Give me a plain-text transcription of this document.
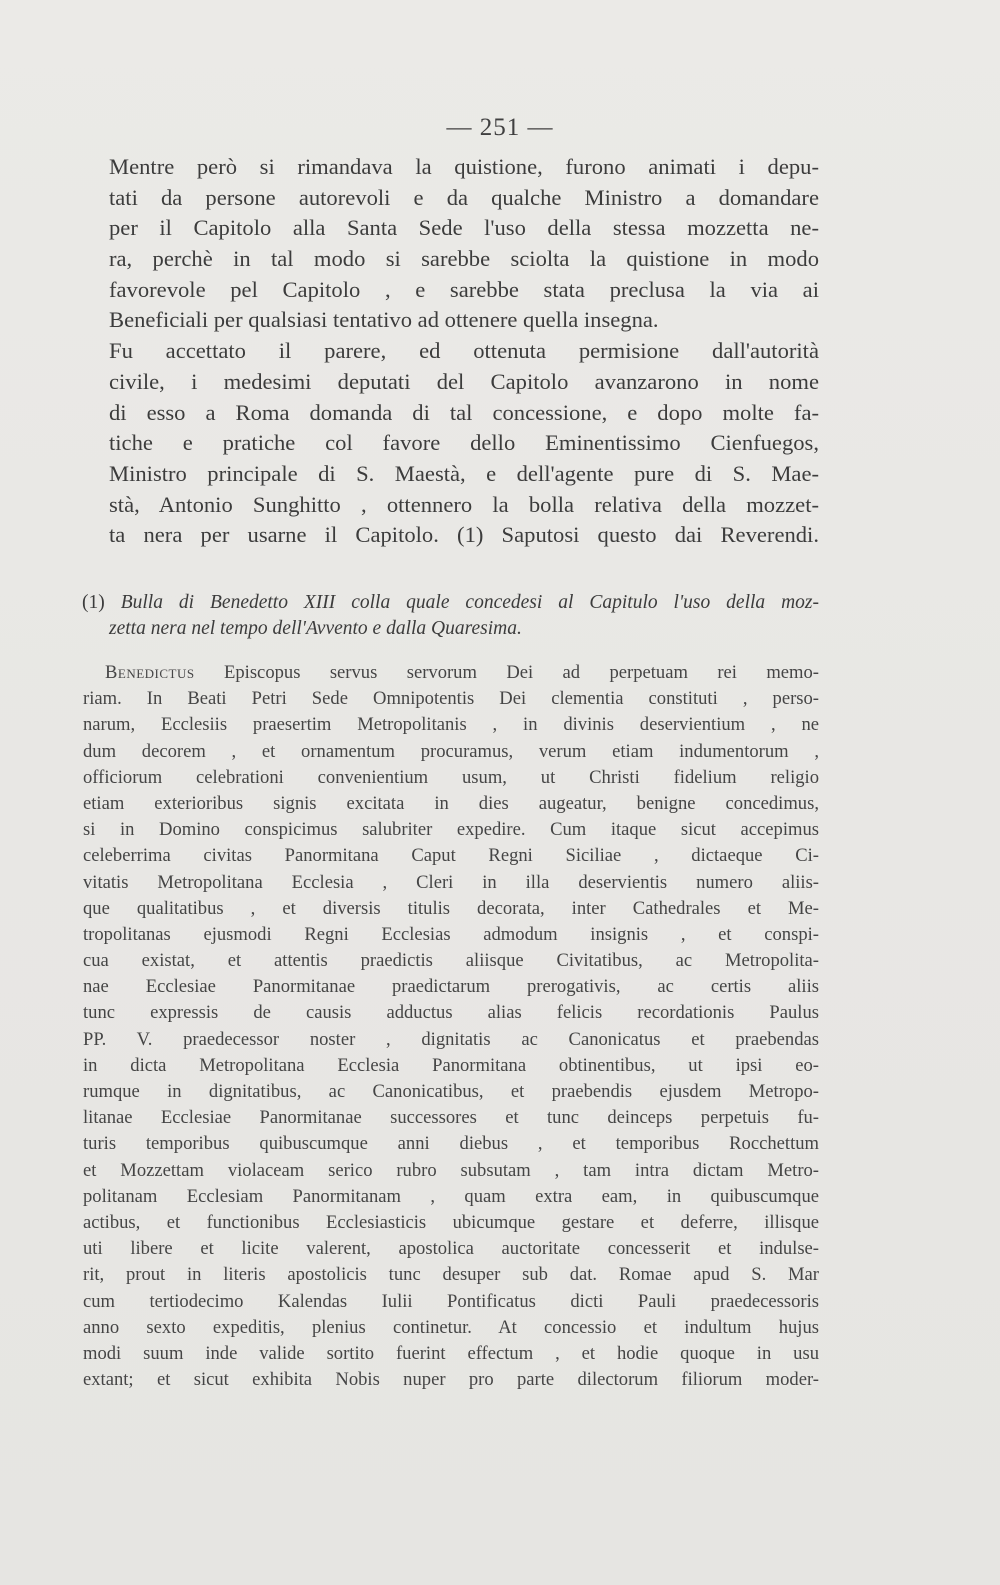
— 251 —
Mentre però si rimandava la quistione, furono animati i depu-
tati da persone autorevoli e da qualche Ministro a domandare
per il Capitolo alla Santa Sede l'uso della stessa mozzetta ne-
ra, perchè in tal modo si sarebbe sciolta la quistione in modo
favorevole pel Capitolo , e sarebbe stata preclusa la via ai
Beneficiali per qualsiasi tentativo ad ottenere quella insegna.
Fu accettato il parere, ed ottenuta permisione dall'autorità
civile, i medesimi deputati del Capitolo avanzarono in nome
di esso a Roma domanda di tal concessione, e dopo molte fa-
tiche e pratiche col favore dello Eminentissimo Cienfuegos,
Ministro principale di S. Maestà, e dell'agente pure di S. Mae-
stà, Antonio Sunghitto , ottennero la bolla relativa della mozzet-
ta nera per usarne il Capitolo. (1) Saputosi questo dai Reverendi.
(1) Bulla di Benedetto XIII colla quale concedesi al Capitulo l'uso della moz-
zetta nera nel tempo dell'Avvento e dalla Quaresima.
Benedictus Episcopus servus servorum Dei ad perpetuam rei memo-
riam. In Beati Petri Sede Omnipotentis Dei clementia constituti , perso-
narum, Ecclesiis praesertim Metropolitanis , in divinis deservientium , ne
dum decorem , et ornamentum procuramus, verum etiam indumentorum ,
officiorum celebrationi convenientium usum, ut Christi fidelium religio
etiam exterioribus signis excitata in dies augeatur, benigne concedimus,
si in Domino conspicimus salubriter expedire. Cum itaque sicut accepimus
celeberrima civitas Panormitana Caput Regni Siciliae , dictaeque Ci-
vitatis Metropolitana Ecclesia , Cleri in illa deservientis numero aliis-
que qualitatibus , et diversis titulis decorata, inter Cathedrales et Me-
tropolitanas ejusmodi Regni Ecclesias admodum insignis , et conspi-
cua existat, et attentis praedictis aliisque Civitatibus, ac Metropolita-
nae Ecclesiae Panormitanae praedictarum prerogativis, ac certis aliis
tunc expressis de causis adductus alias felicis recordationis Paulus
PP. V. praedecessor noster , dignitatis ac Canonicatus et praebendas
in dicta Metropolitana Ecclesia Panormitana obtinentibus, ut ipsi eo-
rumque in dignitatibus, ac Canonicatibus, et praebendis ejusdem Metropo-
litanae Ecclesiae Panormitanae successores et tunc deinceps perpetuis fu-
turis temporibus quibuscumque anni diebus , et temporibus Rocchettum
et Mozzettam violaceam serico rubro subsutam , tam intra dictam Metro-
politanam Ecclesiam Panormitanam , quam extra eam, in quibuscumque
actibus, et functionibus Ecclesiasticis ubicumque gestare et deferre, illisque
uti libere et licite valerent, apostolica auctoritate concesserit et indulse-
rit, prout in literis apostolicis tunc desuper sub dat. Romae apud S. Mar
cum tertiodecimo Kalendas Iulii Pontificatus dicti Pauli praedecessoris
anno sexto expeditis, plenius continetur. At concessio et indultum hujus
modi suum inde valide sortito fuerint effectum , et hodie quoque in usu
extant; et sicut exhibita Nobis nuper pro parte dilectorum filiorum moder-
